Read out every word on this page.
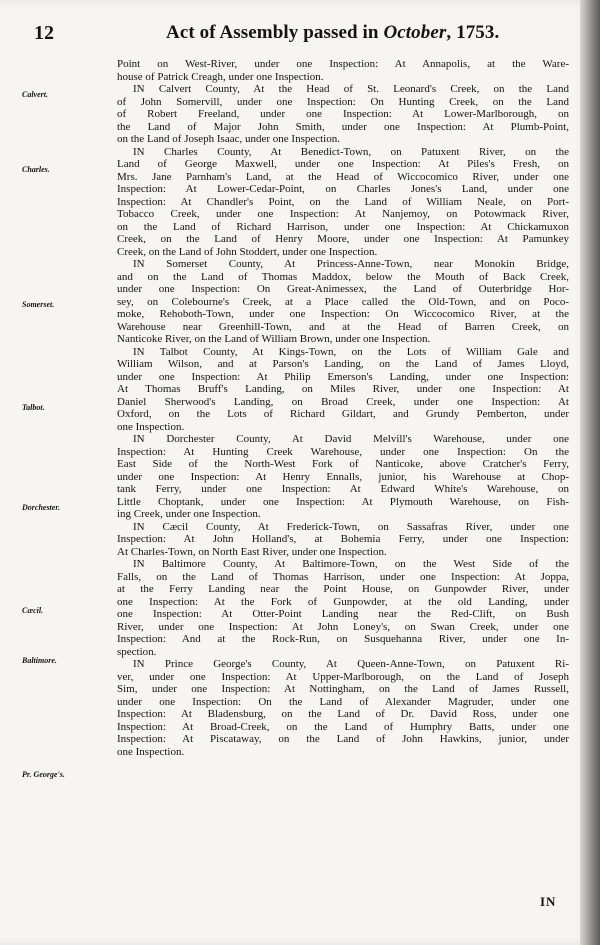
12	Act of Assembly passed in October, 1753.
Calvert.
Charles.
Somerset.
Talbot.
Dorchester.
Cæcil.
Baltimore.
Pr. George's.
Point on West-River, under one Inspection: At Annapolis, at the Ware-
house of Patrick Creagh, under one Inspection.
IN Calvert County, At the Head of St. Leonard's Creek, on the Land
of John Somervill, under one Inspection: On Hunting Creek, on the Land
of Robert Freeland, under one Inspection: At Lower-Marlborough, on
the Land of Major John Smith, under one Inspection: At Plumb-Point,
on the Land of Joseph Isaac, under one Inspection.
IN Charles County, At Benedict-Town, on Patuxent River, on the
Land of George Maxwell, under one Inspection: At Piles's Fresh, on
Mrs. Jane Parnham's Land, at the Head of Wiccocomico River, under one
Inspection: At Lower-Cedar-Point, on Charles Jones's Land, under one
Inspection: At Chandler's Point, on the Land of William Neale, on Port-
Tobacco Creek, under one Inspection: At Nanjemoy, on Potowmack River,
on the Land of Richard Harrison, under one Inspection: At Chickamuxon
Creek, on the Land of Henry Moore, under one Inspection: At Pamunkey
Creek, on the Land of John Stoddert, under one Inspection.
IN Somerset County, At Princess-Anne-Town, near Monokin Bridge,
and on the Land of Thomas Maddox, below the Mouth of Back Creek,
under one Inspection: On Great-Animessex, the Land of Outerbridge Hor-
sey, on Colebourne's Creek, at a Place called the Old-Town, and on Poco-
moke, Rehoboth-Town, under one Inspection: On Wiccocomico River, at the
Warehouse near Greenhill-Town, and at the Head of Barren Creek, on
Nanticoke River, on the Land of William Brown, under one Inspection.
IN Talbot County, At Kings-Town, on the Lots of William Gale and
William Wilson, and at Parson's Landing, on the Land of James Lloyd,
under one Inspection: At Philip Emerson's Landing, under one Inspection:
At Thomas Bruff's Landing, on Miles River, under one Inspection: At
Daniel Sherwood's Landing, on Broad Creek, under one Inspection: At
Oxford, on the Lots of Richard Gildart, and Grundy Pemberton, under
one Inspection.
IN Dorchester County, At David Melvill's Warehouse, under one
Inspection: At Hunting Creek Warehouse, under one Inspection: On the
East Side of the North-West Fork of Nanticoke, above Cratcher's Ferry,
under one Inspection: At Henry Ennalls, junior, his Warehouse at Chop-
tank Ferry, under one Inspection: At Edward White's Warehouse, on
Little Choptank, under one Inspection: At Plymouth Warehouse, on Fish-
ing Creek, under one Inspection.
IN Cæcil County, At Frederick-Town, on Sassafras River, under one
Inspection: At John Holland's, at Bohemia Ferry, under one Inspection:
At Charles-Town, on North East River, under one Inspection.
IN Baltimore County, At Baltimore-Town, on the West Side of the
Falls, on the Land of Thomas Harrison, under one Inspection: At Joppa,
at the Ferry Landing near the Point House, on Gunpowder River, under
one Inspection: At the Fork of Gunpowder, at the old Landing, under
one Inspection: At Otter-Point Landing near the Red-Clift, on Bush
River, under one Inspection: At John Loney's, on Swan Creek, under one
Inspection: And at the Rock-Run, on Susquehanna River, under one In-
spection.
IN Prince George's County, At Queen-Anne-Town, on Patuxent Ri-
ver, under one Inspection: At Upper-Marlborough, on the Land of Joseph
Sim, under one Inspection: At Nottingham, on the Land of James Russell,
under one Inspection: On the Land of Alexander Magruder, under one
Inspection: At Bladensburg, on the Land of Dr. David Ross, under one
Inspection: At Broad-Creek, on the Land of Humphry Batts, under one
Inspection: At Piscataway, on the Land of John Hawkins, junior, under
one Inspection.
IN
